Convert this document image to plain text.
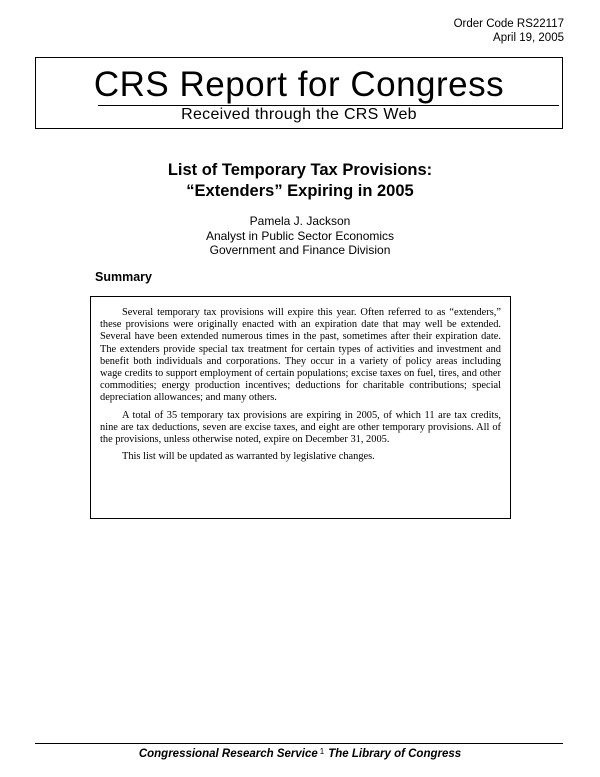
Order Code RS22117
April 19, 2005
CRS Report for Congress
Received through the CRS Web
List of Temporary Tax Provisions:
“Extenders” Expiring in 2005
Pamela J. Jackson
Analyst in Public Sector Economics
Government and Finance Division
Summary

Several temporary tax provisions will expire this year. Often referred to as “extenders,” these provisions were originally enacted with an expiration date that may well be extended. Several have been extended numerous times in the past, sometimes after their expiration date. The extenders provide special tax treatment for certain types of activities and investment and benefit both individuals and corporations. They occur in a variety of policy areas including wage credits to support employment of certain populations; excise taxes on fuel, tires, and other commodities; energy production incentives; deductions for charitable contributions; special depreciation allowances; and many others.

A total of 35 temporary tax provisions are expiring in 2005, of which 11 are tax credits, nine are tax deductions, seven are excise taxes, and eight are other temporary provisions. All of the provisions, unless otherwise noted, expire on December 31, 2005.

This list will be updated as warranted by legislative changes.

Congressional Research Service $^1$ The Library of Congress
